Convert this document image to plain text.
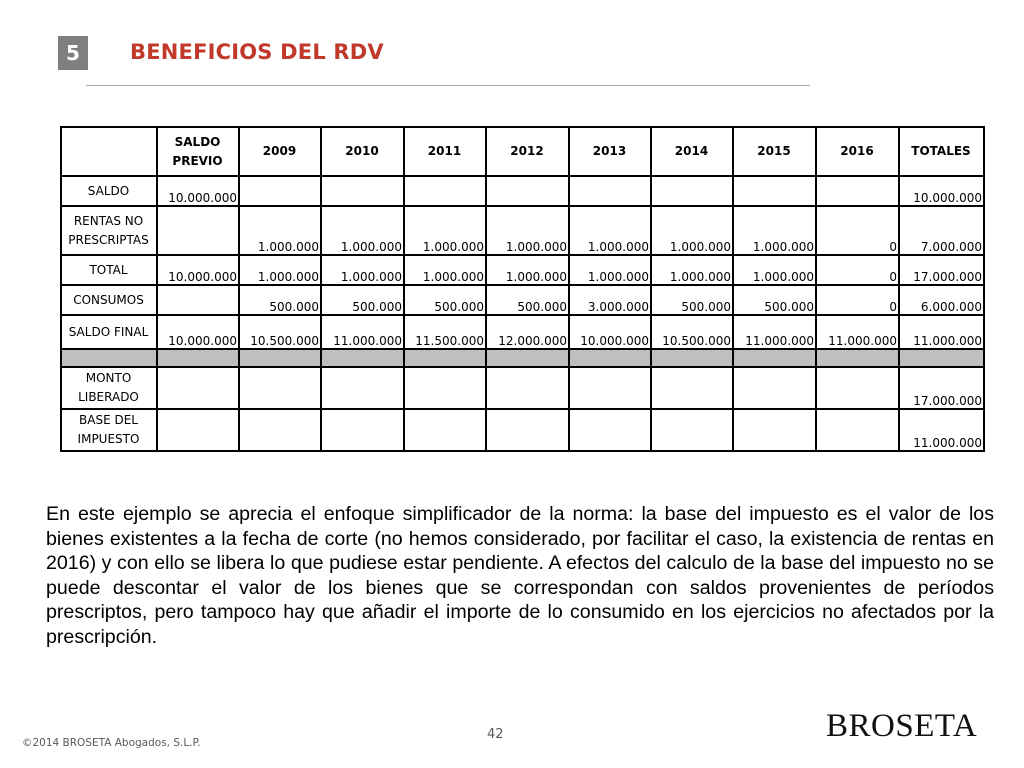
5	BENEFICIOS DEL RDV
	SALDO PREVIO	2009	2010	2011	2012	2013	2014	2015	2016	TOTALES
SALDO	10.000.000									10.000.000
RENTAS NO PRESCRIPTAS		1.000.000	1.000.000	1.000.000	1.000.000	1.000.000	1.000.000	1.000.000	0	7.000.000
TOTAL	10.000.000	1.000.000	1.000.000	1.000.000	1.000.000	1.000.000	1.000.000	1.000.000	0	17.000.000
CONSUMOS		500.000	500.000	500.000	500.000	3.000.000	500.000	500.000	0	6.000.000
SALDO FINAL	10.000.000	10.500.000	11.000.000	11.500.000	12.000.000	10.000.000	10.500.000	11.000.000	11.000.000	11.000.000

MONTO LIBERADO										17.000.000
BASE DEL IMPUESTO										11.000.000
En este ejemplo se aprecia el enfoque simplificador de la norma: la base del impuesto es el valor de los bienes existentes a la fecha de corte (no hemos considerado, por facilitar el caso, la existencia de rentas en 2016) y con ello se libera lo que pudiese estar pendiente. A efectos del calculo de la base del impuesto no se puede descontar el valor de los bienes que se correspondan con saldos provenientes de períodos prescriptos, pero tampoco hay que añadir el importe de lo consumido en los ejercicios no afectados por la prescripción.
42
©2014 BROSETA Abogados, S.L.P.	BROSETA
